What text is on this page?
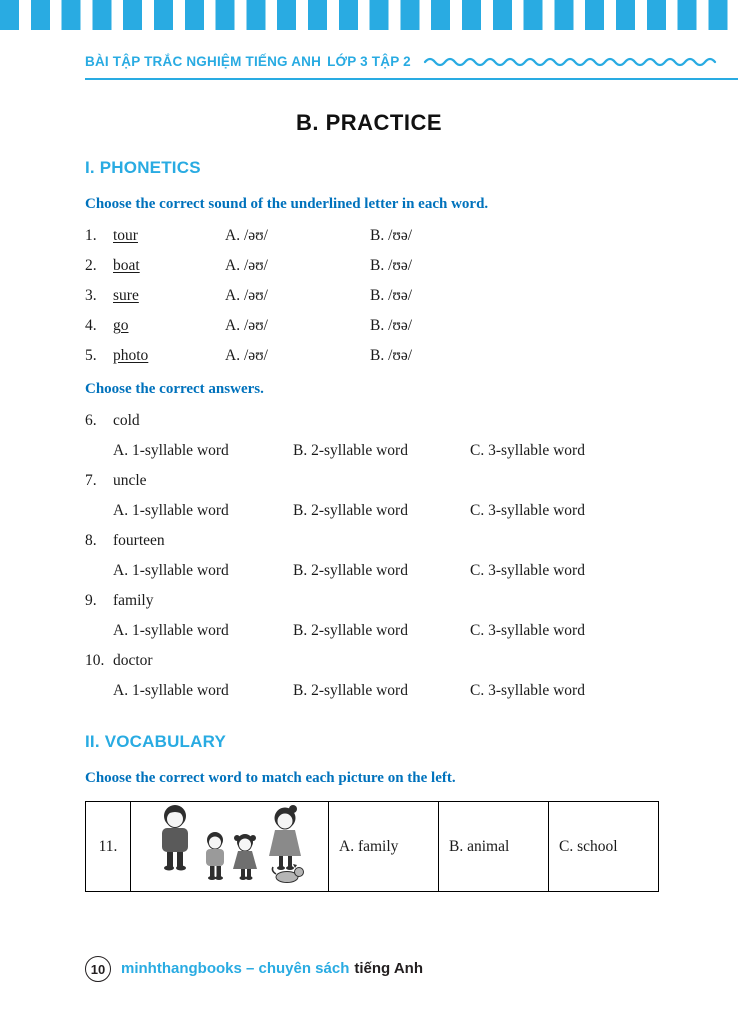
BÀI TẬP TRẮC NGHIỆM TIẾNG ANH LỚP 3 TẬP 2
B. PRACTICE
I. PHONETICS
Choose the correct sound of the underlined letter in each word.
1.	tour	A. /əʊ/	B. /ʊə/
2.	boat	A. /əʊ/	B. /ʊə/
3.	sure	A. /əʊ/	B. /ʊə/
4.	go	A. /əʊ/	B. /ʊə/
5.	photo	A. /əʊ/	B. /ʊə/
Choose the correct answers.
6.	cold
A. 1-syllable word	B. 2-syllable word	C. 3-syllable word
7.	uncle
A. 1-syllable word	B. 2-syllable word	C. 3-syllable word
8.	fourteen
A. 1-syllable word	B. 2-syllable word	C. 3-syllable word
9.	family
A. 1-syllable word	B. 2-syllable word	C. 3-syllable word
10. doctor
A. 1-syllable word	B. 2-syllable word	C. 3-syllable word
II. VOCABULARY
Choose the correct word to match each picture on the left.
11.		A. family	B. animal	C. school
10	minhthangbooks – chuyên sách tiếng Anh
